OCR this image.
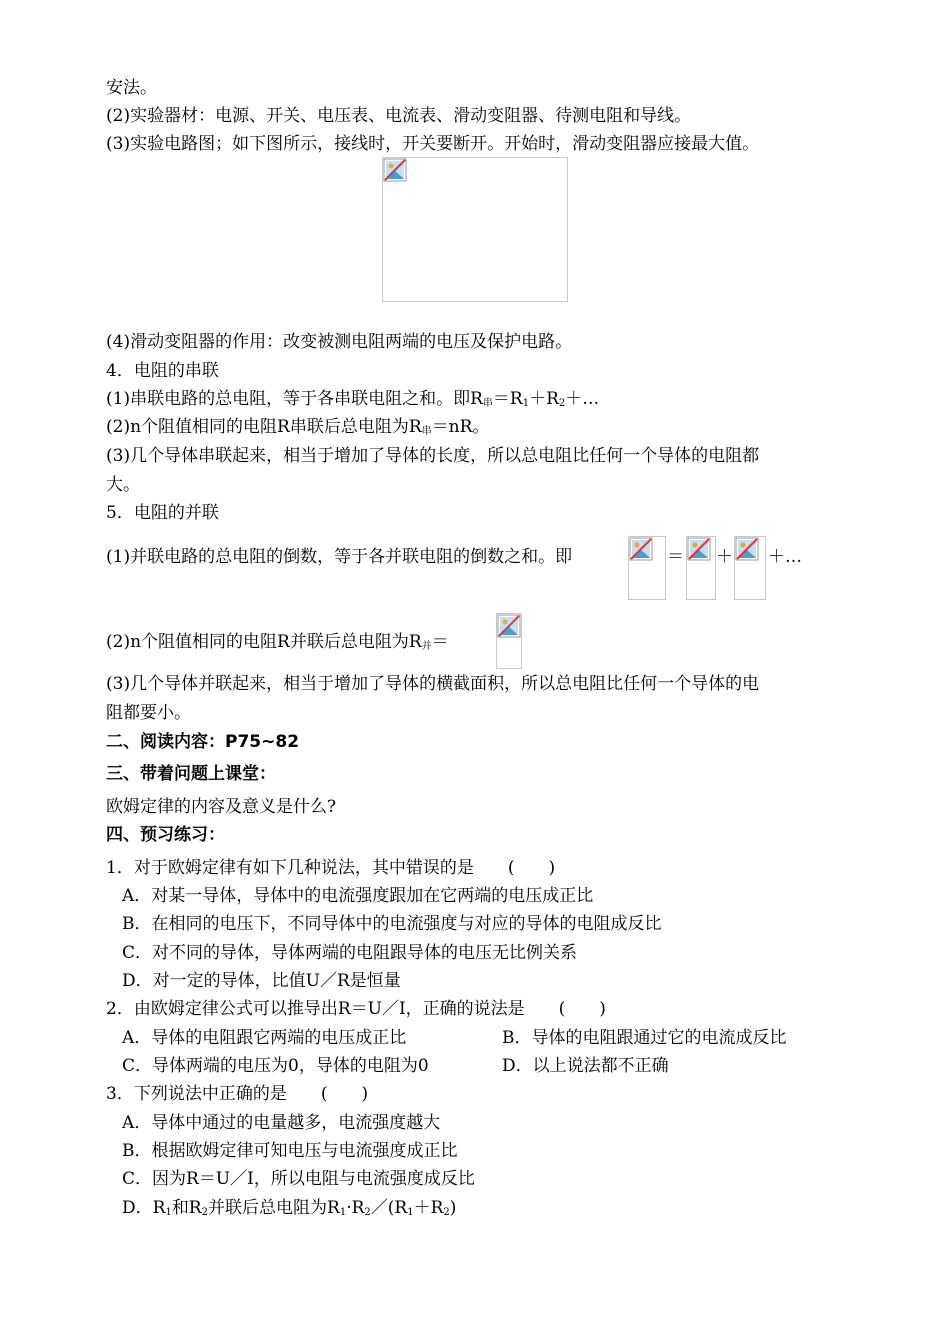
安法。
(2)实验器材：电源、开关、电压表、电流表、滑动变阻器、待测电阻和导线。
(3)实验电路图；如下图所示，接线时，开关要断开。开始时，滑动变阻器应接最大值。
(4)滑动变阻器的作用：改变被测电阻两端的电压及保护电路。
4．电阻的串联
(1)串联电路的总电阻，等于各串联电阻之和。即$R_串=R_1+R_2+\dots$
(2)n个阻值相同的电阻R串联后总电阻为$R_串=nR$。
(3)几个导体串联起来，相当于增加了导体的长度，所以总电阻比任何一个导体的电阻都
大。
5．电阻的并联
(1)并联电路的总电阻的倒数，等于各并联电阻的倒数之和。即	＝ ＋ ＋…
(2)n个阻值相同的电阻R并联后总电阻为$R_并=$
(3)几个导体并联起来，相当于增加了导体的横截面积，所以总电阻比任何一个导体的电
阻都要小。
二、阅读内容：P75~82
三、带着问题上课堂：
欧姆定律的内容及意义是什么?
四、预习练习：
1．对于欧姆定律有如下几种说法，其中错误的是　　(　　)
A．对某一导体，导体中的电流强度跟加在它两端的电压成正比
B．在相同的电压下，不同导体中的电流强度与对应的导体的电阻成反比
C．对不同的导体，导体两端的电阻跟导体的电压无比例关系
D．对一定的导体，比值U／R是恒量
2．由欧姆定律公式可以推导出R＝U／I，正确的说法是　　(　　)
A．导体的电阻跟它两端的电压成正比	B．导体的电阻跟通过它的电流成反比
C．导体两端的电压为0，导体的电阻为0	D．以上说法都不正确
3．下列说法中正确的是　　(　　)
A．导体中通过的电量越多，电流强度越大
B．根据欧姆定律可知电压与电流强度成正比
C．因为R＝U／I，所以电阻与电流强度成反比
D．$R_1$和$R_2$并联后总电阻为$R_1\cdot R_2/(R_1+R_2)$
